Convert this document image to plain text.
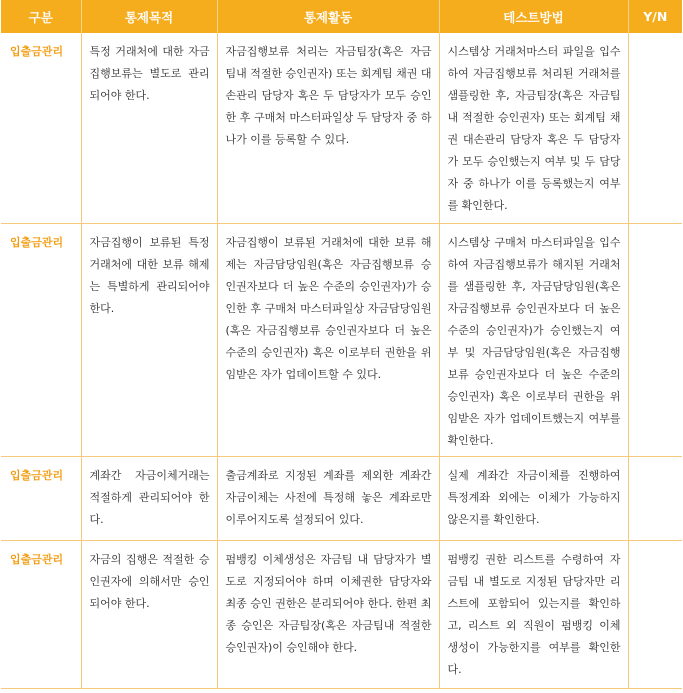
구분	통제목적	통제활동	테스트방법	Y/N
입출금관리	특정 거래처에 대한 자금집행보류는 별도로 관리되어야 한다.	자금집행보류 처리는 자금팀장(혹은 자금팀내 적절한 승인권자) 또는 회계팀 채권 대손관리 담당자 혹은 두 담당자가 모두 승인한 후 구매처 마스터파일상 두 담당자 중 하나가 이를 등록할 수 있다.	시스템상 거래처마스터 파일을 입수하여 자금집행보류 처리된 거래처를 샘플링한 후, 자금팀장(혹은 자금팀내 적절한 승인권자) 또는 회계팀 채권 대손관리 담당자 혹은 두 담당자가 모두 승인했는지 여부 및 두 담당자 중 하나가 이를 등록했는지 여부를 확인한다.	
입출금관리	자금집행이 보류된 특정 거래처에 대한 보류 해제는 특별하게 관리되어야 한다.	자금집행이 보류된 거래처에 대한 보류 해제는 자금담당임원(혹은 자금집행보류 승인권자보다 더 높은 수준의 승인권자)가 승인한 후 구매처 마스터파일상 자금담당임원(혹은 자금집행보류 승인권자보다 더 높은 수준의 승인권자) 혹은 이로부터 권한을 위임받은 자가 업데이트할 수 있다.	시스템상 구매처 마스터파일을 입수하여 자금집행보류가 해지된 거래처를 샘플링한 후, 자금담당임원(혹은 자금집행보류 승인권자보다 더 높은 수준의 승인권자)가 승인했는지 여부 및 자금담당임원(혹은 자금집행보류 승인권자보다 더 높은 수준의 승인권자) 혹은 이로부터 권한을 위임받은 자가 업데이트했는지 여부를 확인한다.	
입출금관리	계좌간 자금이체거래는 적절하게 관리되어야 한다.	출금계좌로 지정된 계좌를 제외한 계좌간 자금이체는 사전에 특정해 놓은 계좌로만 이루어지도록 설정되어 있다.	실제 계좌간 자금이체를 진행하여 특정계좌 외에는 이체가 가능하지 않은지를 확인한다.	
입출금관리	자금의 집행은 적절한 승인권자에 의해서만 승인되어야 한다.	펌뱅킹 이체생성은 자금팀 내 담당자가 별도로 지정되어야 하며 이체권한 담당자와 최종 승인 권한은 분리되어야 한다. 한편 최종 승인은 자금팀장(혹은 자금팀내 적절한 승인권자)이 승인해야 한다.	펌뱅킹 권한 리스트를 수령하여 자금팀 내 별도로 지정된 담당자만 리스트에 포함되어 있는지를 확인하고, 리스트 외 직원이 펌뱅킹 이체 생성이 가능한지를 여부를 확인한다.	
